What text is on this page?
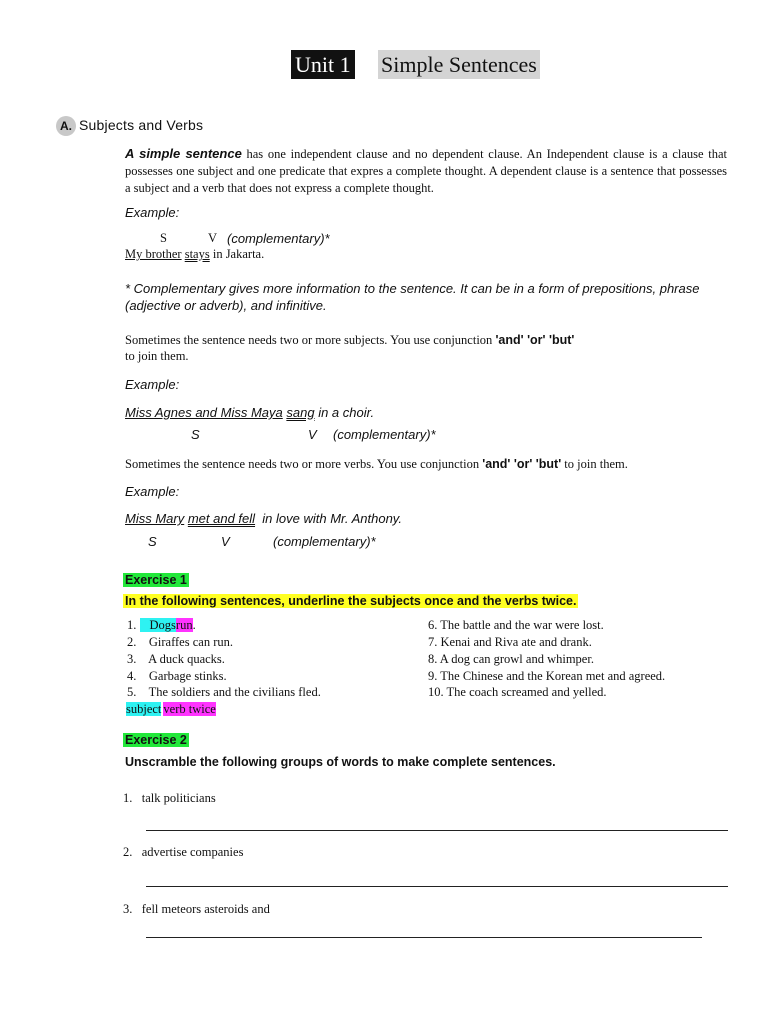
Unit 1 Simple Sentences
A. Subjects and Verbs
A simple sentence has one independent clause and no dependent clause. An Independent clause is a clause that possesses one subject and one predicate that expres a complete thought. A dependent clause is a sentence that possesses a subject and a verb that does not express a complete thought.
Example:
S	V (complementary)*
My brother stays in Jakarta.
* Complementary gives more information to the sentence. It can be in a form of prepositions, phrase (adjective or adverb), and infinitive.
Sometimes the sentence needs two or more subjects. You use conjunction 'and' 'or' 'but'
to join them.
Example:
Miss Agnes and Miss Maya sang in a choir.
S	V (complementary)*
Sometimes the sentence needs two or more verbs. You use conjunction 'and' 'or' 'but' to join them.
Example:
Miss Mary met and fell  in love with Mr. Anthony.
S	V	(complementary)*
Exercise 1
In the following sentences, underline the subjects once and the verbs twice.
1. Dogsrun.
2.    Giraffes can run.
3.    A duck quacks.
4.    Garbage stinks.
5.    The soldiers and the civilians fled.
6. The battle and the war were lost.
7. Kenai and Riva ate and drank.
8. A dog can growl and whimper.
9. The Chinese and the Korean met and agreed.
10. The coach screamed and yelled.
subject verb twice
Exercise 2
Unscramble the following groups of words to make complete sentences.
1.   talk politicians
2.   advertise companies
3.   fell meteors asteroids and
